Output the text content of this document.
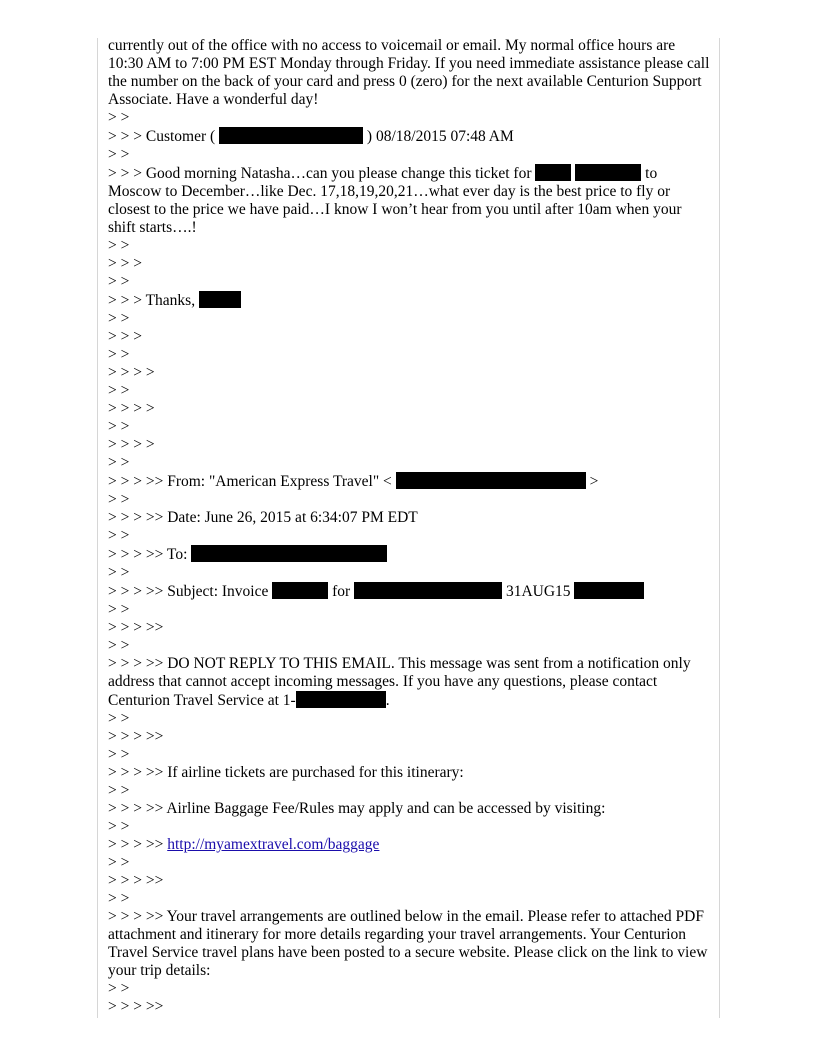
currently out of the office with no access to voicemail or email. My normal office hours are 10:30 AM to 7:00 PM EST Monday through Friday. If you need immediate assistance please call the number on the back of your card and press 0 (zero) for the next available Centurion Support Associate. Have a wonderful day!
> >
> > > Customer (	) 08/18/2015 07:48 AM
> >
> > > Good morning Natasha…can you please change this ticket for	to Moscow to December…like Dec. 17,18,19,20,21…what ever day is the best price to fly or closest to the price we have paid…I know I won’t hear from you until after 10am when your shift starts….!
> >
> > >
> >
> > > Thanks,
> >
> > >
> >
> > > >
> >
> > > >
> >
> > > >
> >
> > > >> From: "American Express Travel" <	>
> >
> > > >> Date: June 26, 2015 at 6:34:07 PM EDT
> >
> > > >> To:
> >
> > > >> Subject: Invoice	for	31AUG15
> >
> > > >>
> >
> > > >> DO NOT REPLY TO THIS EMAIL. This message was sent from a notification only address that cannot accept incoming messages. If you have any questions, please contact Centurion Travel Service at 1-	.
> >
> > > >>
> >
> > > >> If airline tickets are purchased for this itinerary:
> >
> > > >> Airline Baggage Fee/Rules may apply and can be accessed by visiting:
> >
> > > >> http://myamextravel.com/baggage
> >
> > > >>
> >
> > > >> Your travel arrangements are outlined below in the email. Please refer to attached PDF attachment and itinerary for more details regarding your travel arrangements. Your Centurion Travel Service travel plans have been posted to a secure website. Please click on the link to view your trip details:
> >
> > > >>
